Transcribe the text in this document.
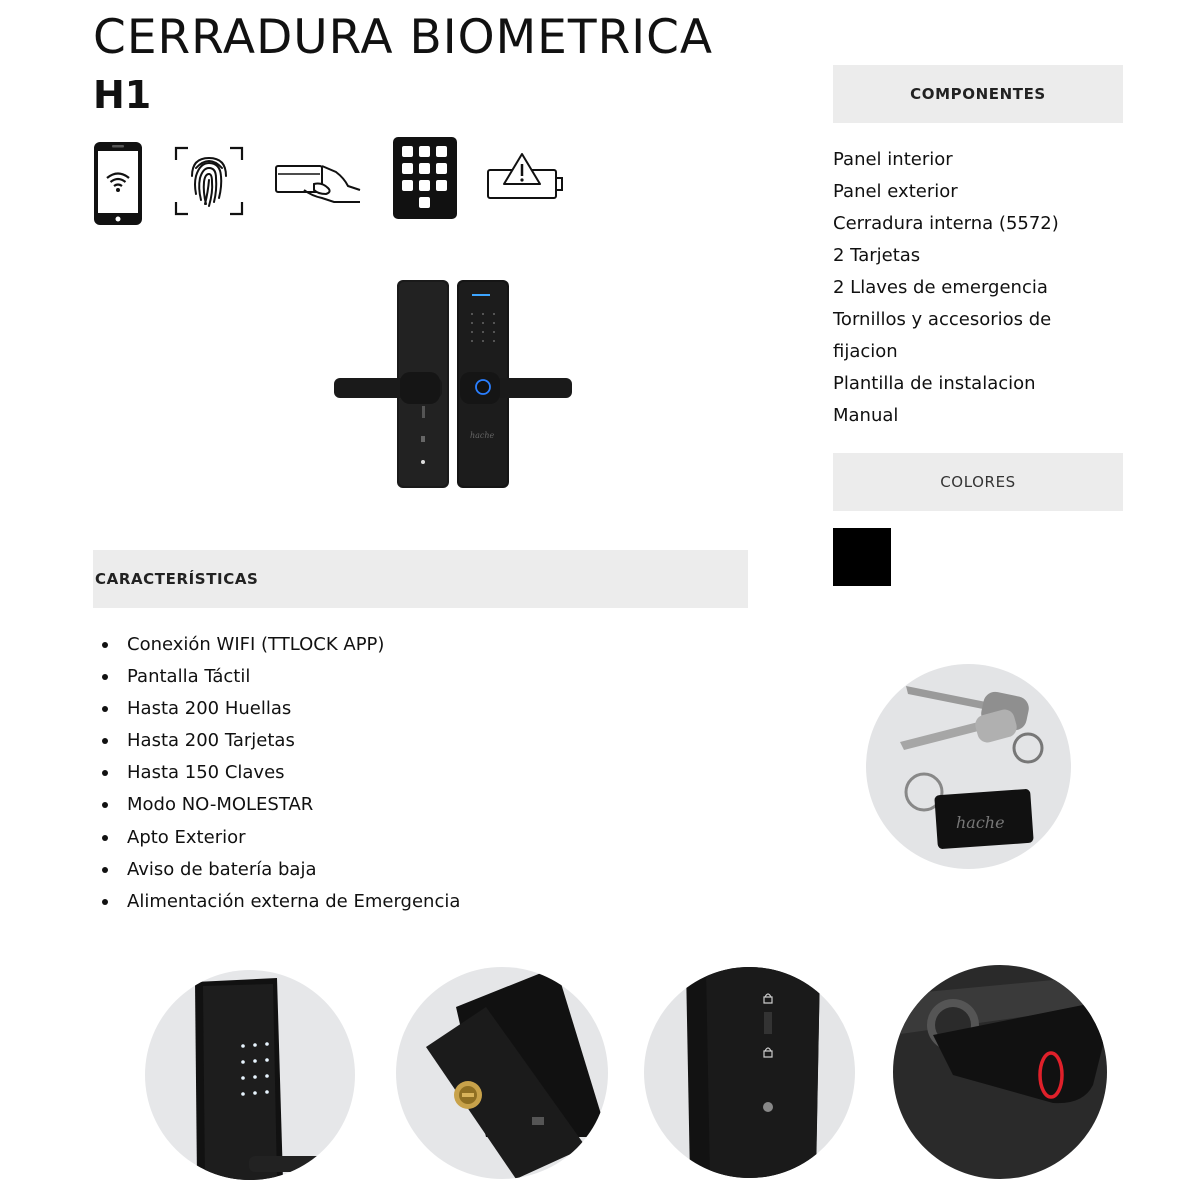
CERRADURA BIOMETRICA
H1
hache
COMPONENTES
Panel interior
Panel exterior
Cerradura interna (5572)
2 Tarjetas
2 Llaves de emergencia
Tornillos y accesorios de fijacion
Plantilla de instalacion
Manual
COLORES
CARACTERÍSTICAS
Conexión WIFI (TTLOCK APP)
Pantalla Táctil
Hasta 200 Huellas
Hasta 200 Tarjetas
Hasta 150 Claves
Modo NO-MOLESTAR
Apto Exterior
Aviso de batería baja
Alimentación externa de Emergencia
hache
